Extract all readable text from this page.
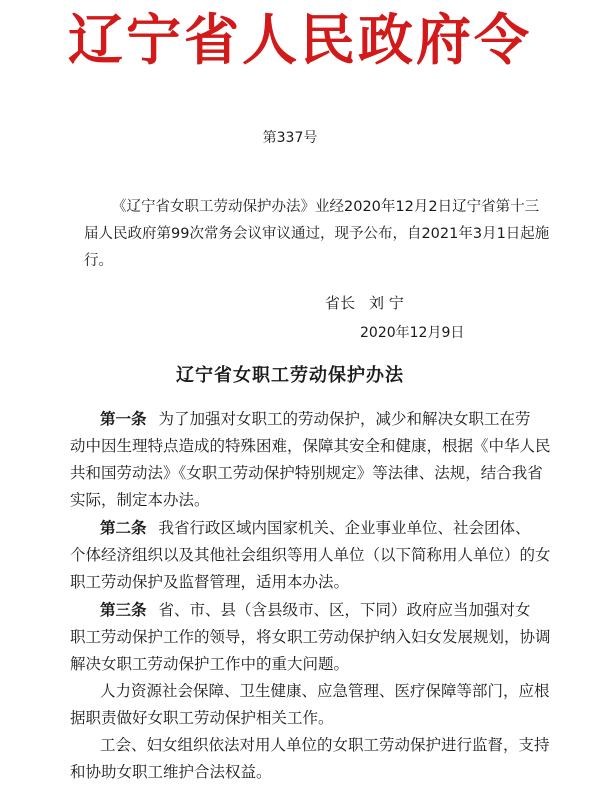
辽宁省人民政府令
第337号
《辽宁省女职工劳动保护办法》业经2020年12月2日辽宁省第十三
届人民政府第99次常务会议审议通过，现予公布，自2021年3月1日起施
行。
省长 刘 宁
2020年12月9日
辽宁省女职工劳动保护办法
第一条 为了加强对女职工的劳动保护，减少和解决女职工在劳
动中因生理特点造成的特殊困难，保障其安全和健康，根据《中华人民
共和国劳动法》《女职工劳动保护特别规定》等法律、法规，结合我省
实际，制定本办法。
第二条 我省行政区域内国家机关、企业事业单位、社会团体、
个体经济组织以及其他社会组织等用人单位（以下简称用人单位）的女
职工劳动保护及监督管理，适用本办法。
第三条 省、市、县（含县级市、区，下同）政府应当加强对女
职工劳动保护工作的领导，将女职工劳动保护纳入妇女发展规划，协调
解决女职工劳动保护工作中的重大问题。
人力资源社会保障、卫生健康、应急管理、医疗保障等部门，应根
据职责做好女职工劳动保护相关工作。
工会、妇女组织依法对用人单位的女职工劳动保护进行监督，支持
和协助女职工维护合法权益。
